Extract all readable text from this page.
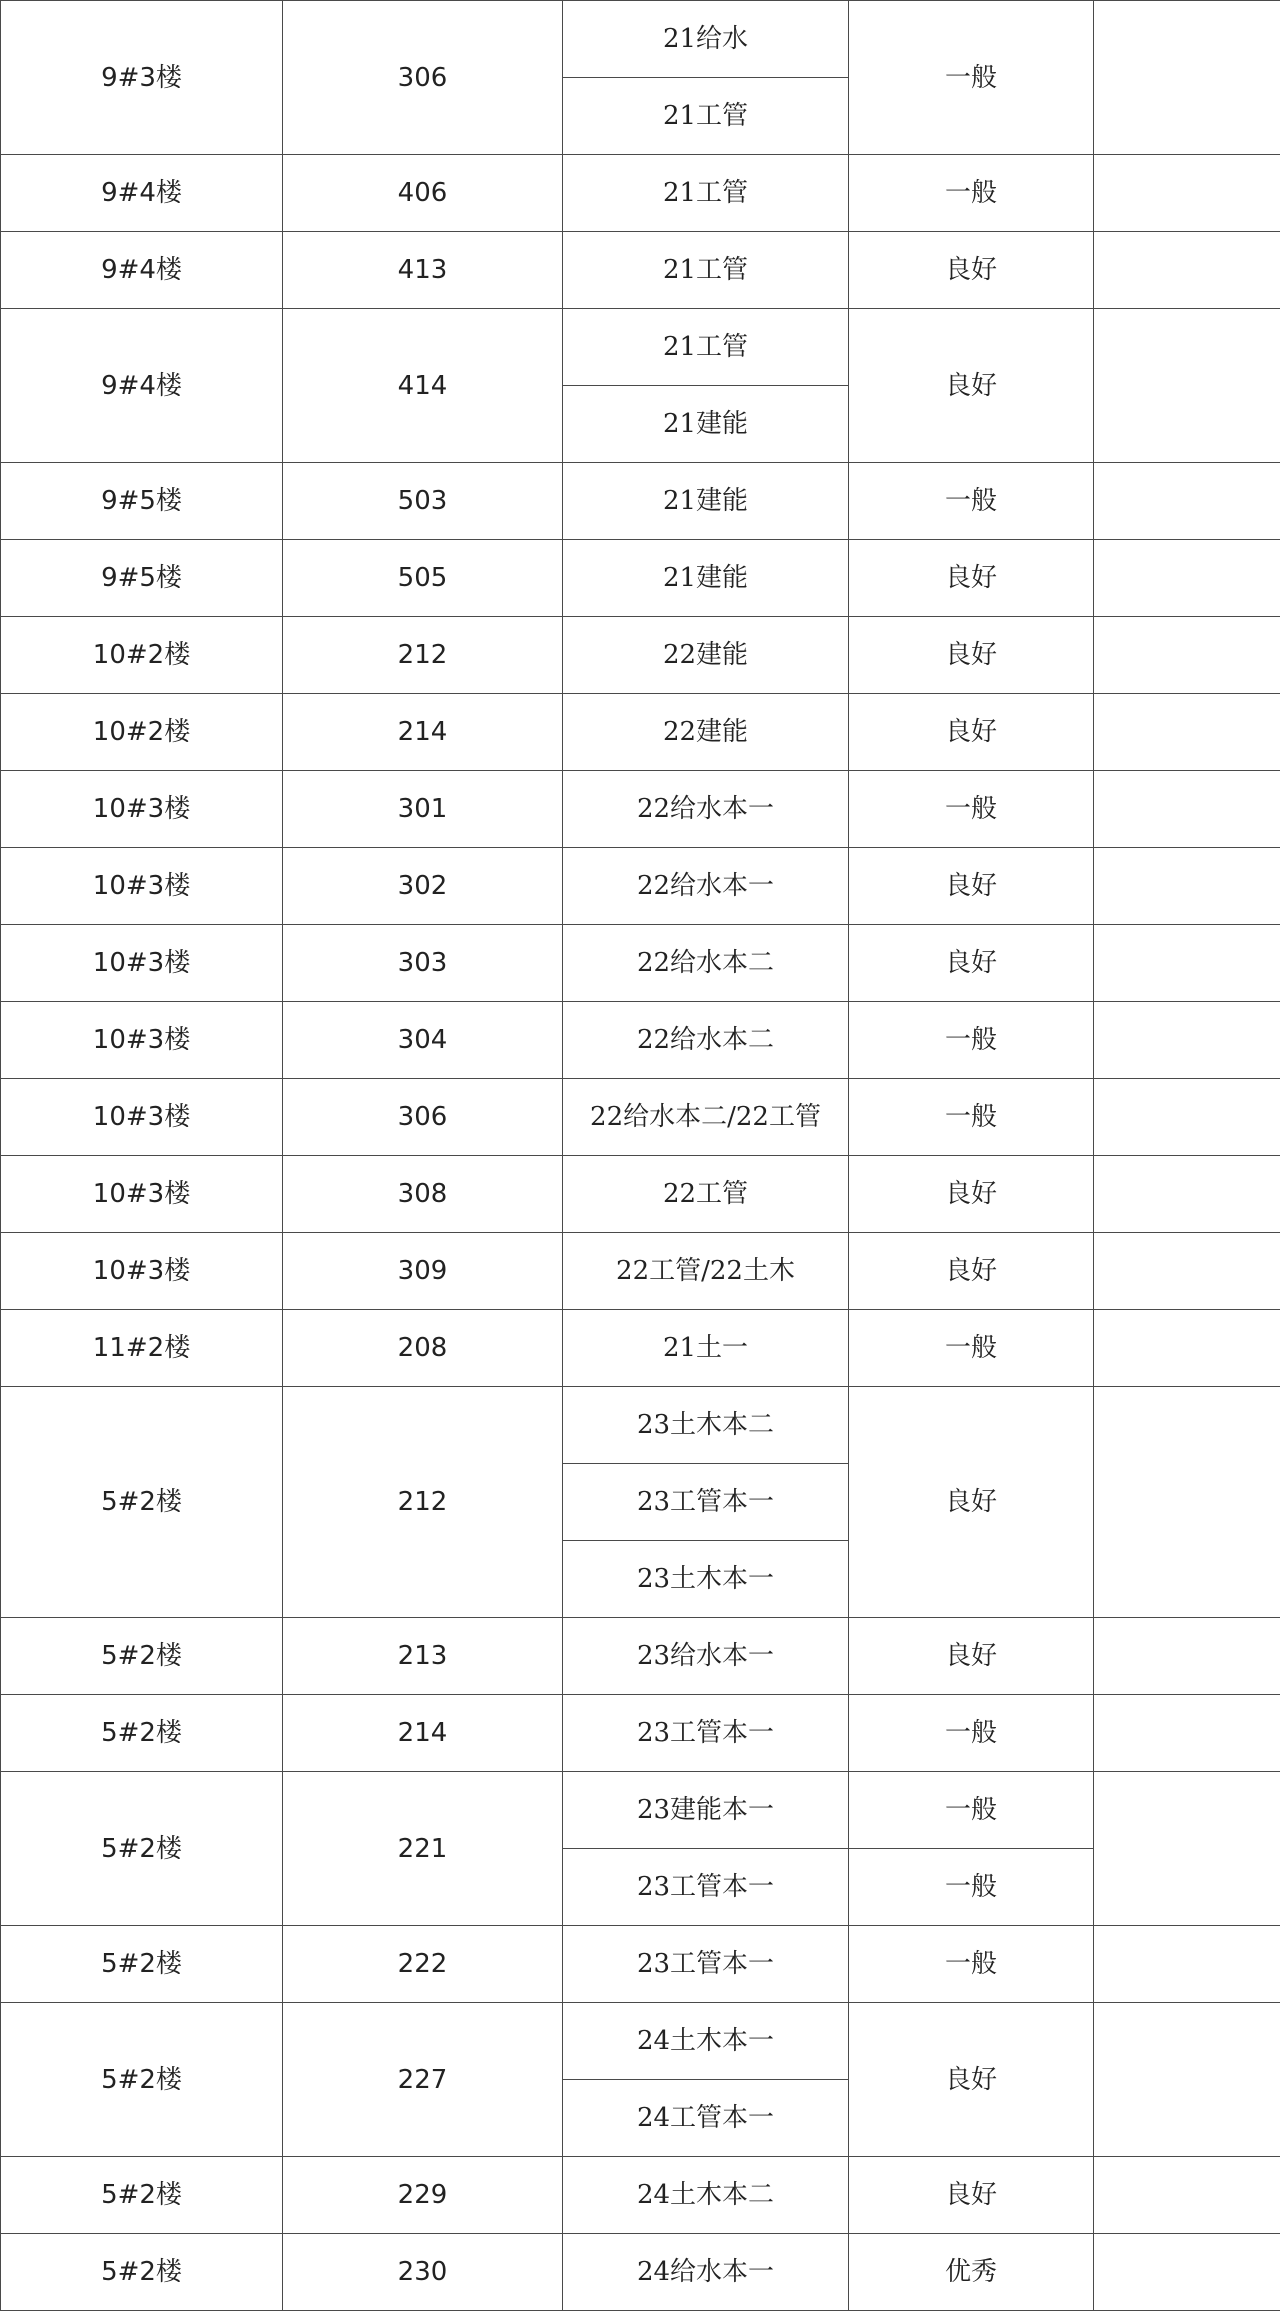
9#3楼	306	21给水	一般	
		21工管		
9#4楼	406	21工管	一般	
9#4楼	413	21工管	良好	
9#4楼	414	21工管	良好	
		21建能		
9#5楼	503	21建能	一般	
9#5楼	505	21建能	良好	
10#2楼	212	22建能	良好	
10#2楼	214	22建能	良好	
10#3楼	301	22给水本一	一般	
10#3楼	302	22给水本一	良好	
10#3楼	303	22给水本二	良好	
10#3楼	304	22给水本二	一般	
10#3楼	306	22给水本二/22工管	一般	
10#3楼	308	22工管	良好	
10#3楼	309	22工管/22土木	良好	
11#2楼	208	21土一	一般	
5#2楼	212	23土木本二	良好	
		23工管本一		
		23土木本一		
5#2楼	213	23给水本一	良好	
5#2楼	214	23工管本一	一般	
5#2楼	221	23建能本一	一般	
		23工管本一	一般	
5#2楼	222	23工管本一	一般	
5#2楼	227	24土木本一	良好	
		24工管本一		
5#2楼	229	24土木本二	良好	
5#2楼	230	24给水本一	优秀	
